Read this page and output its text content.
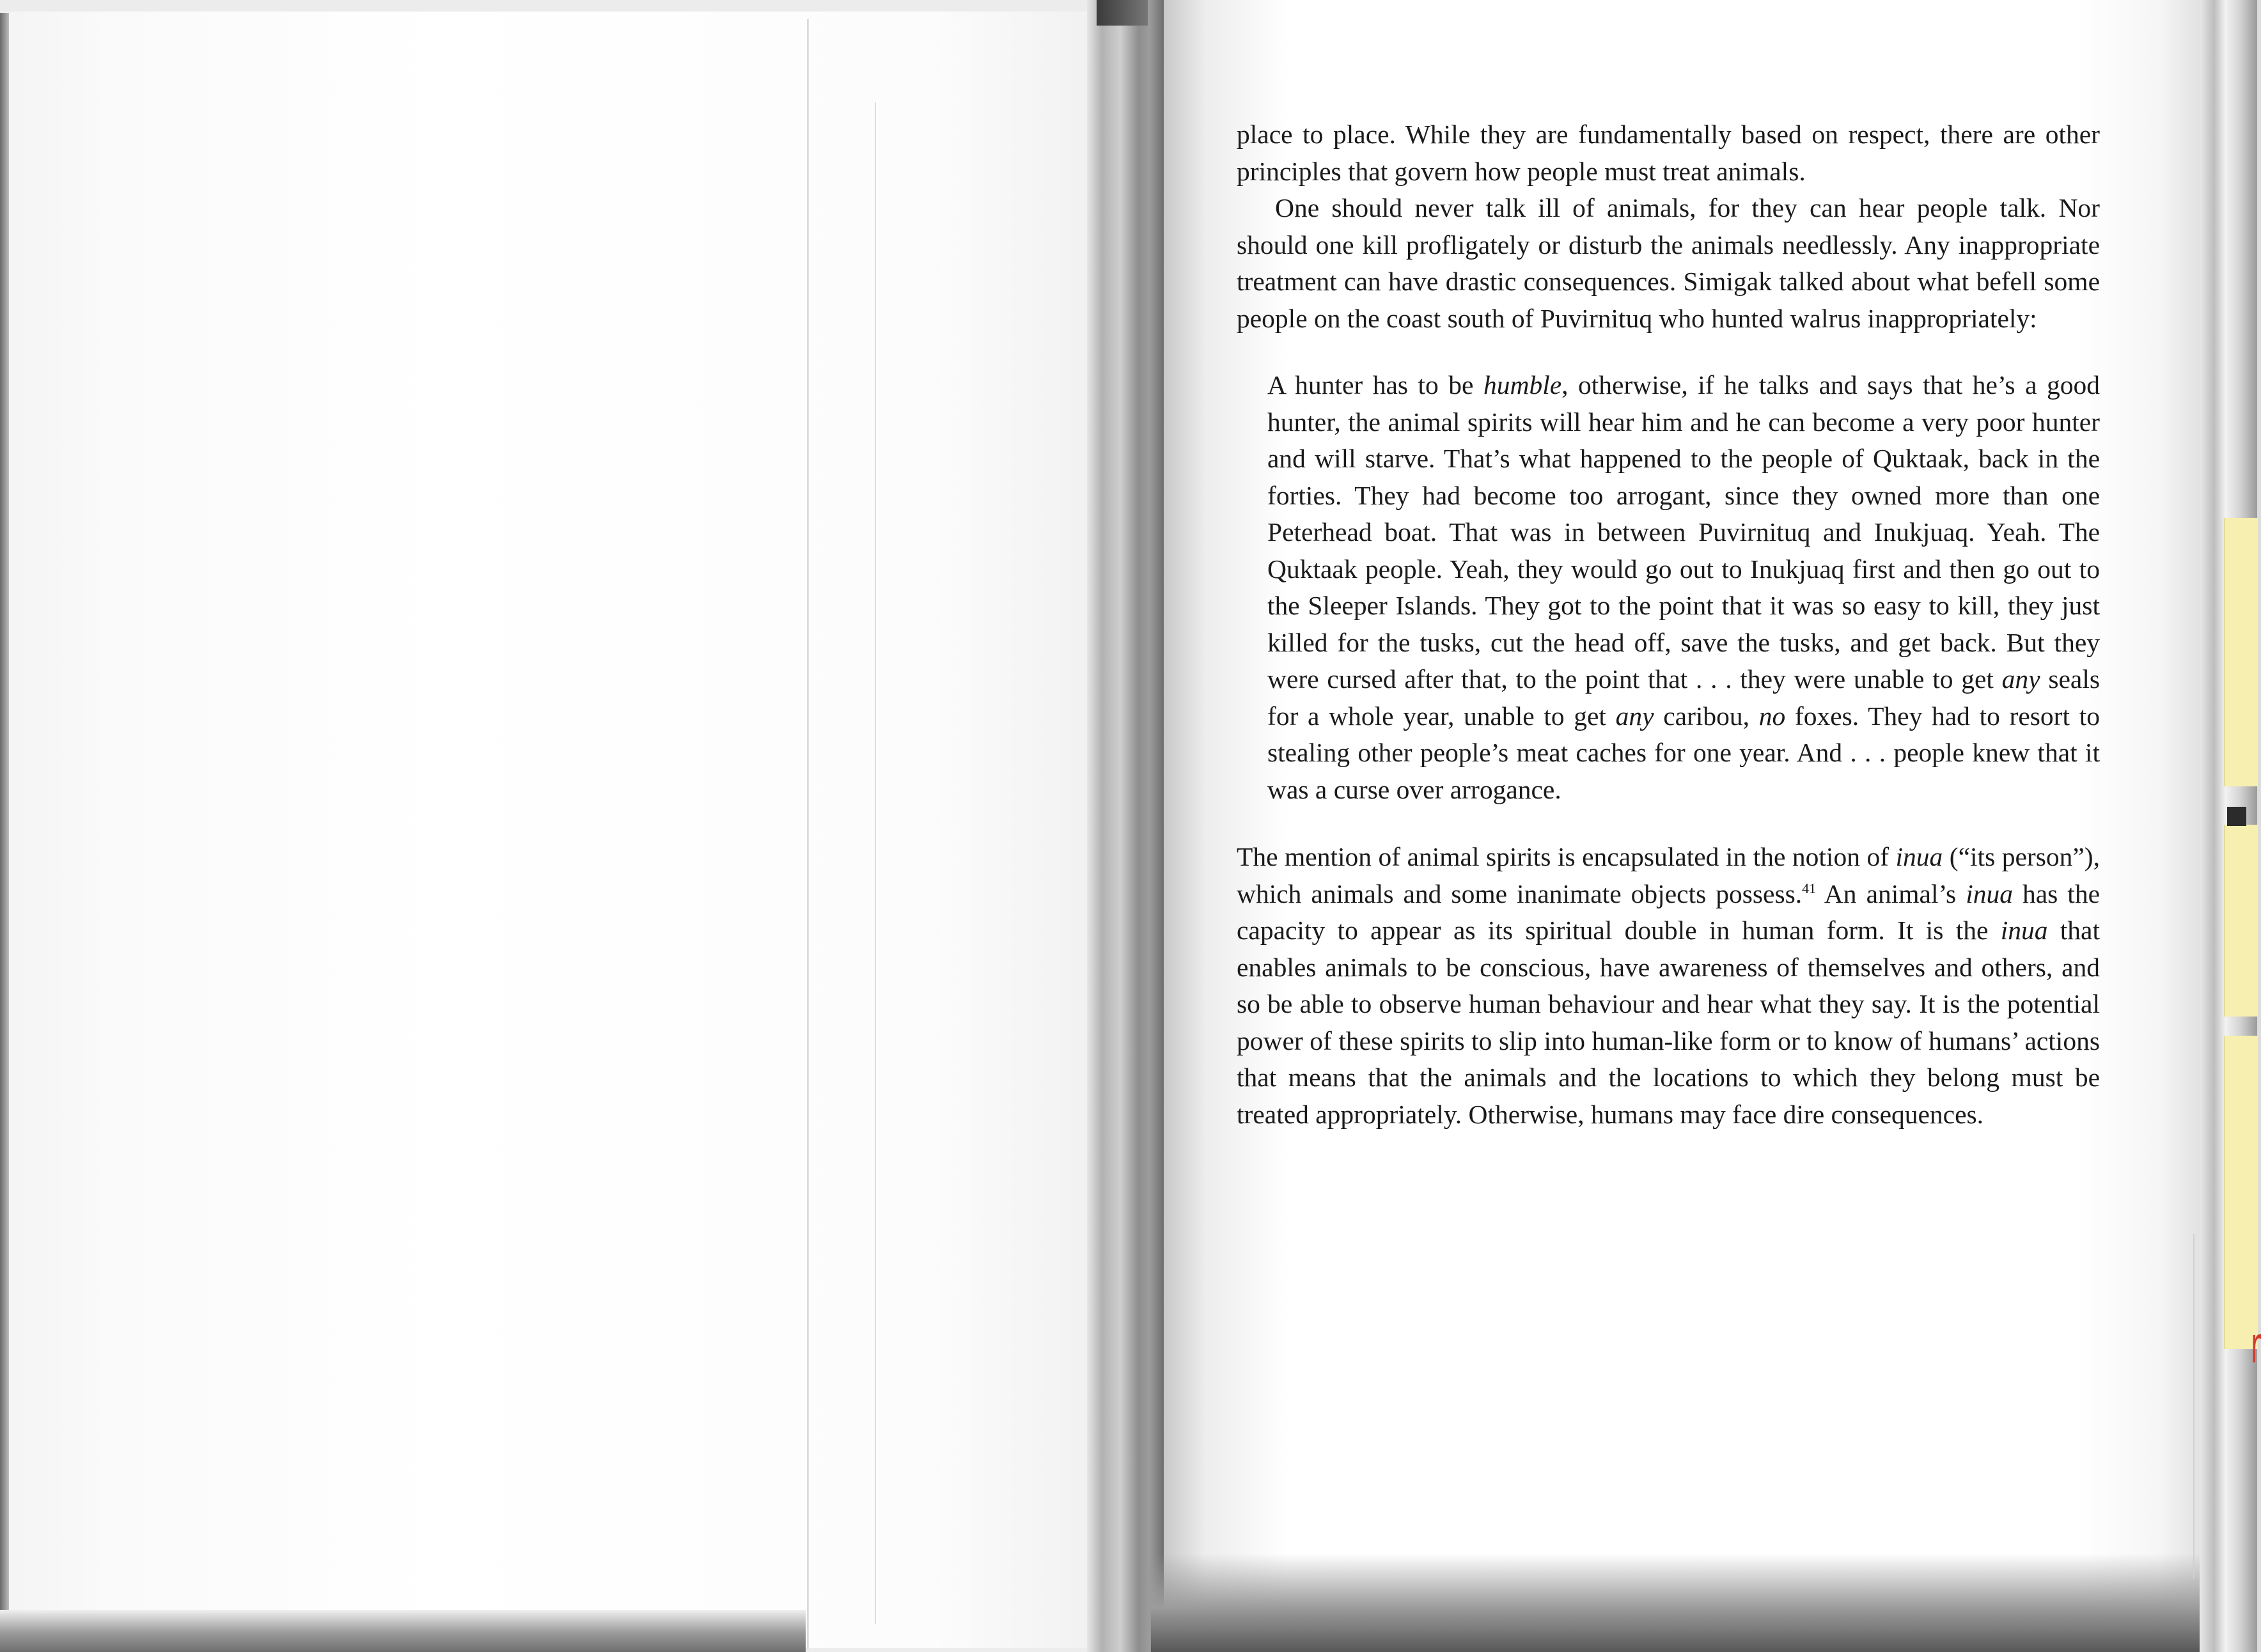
r

place to place. While they are fundamentally based on respect, there are other principles that govern how people must treat animals.

One should never talk ill of animals, for they can hear people talk. Nor should one kill profligately or disturb the animals needlessly. Any inappropriate treatment can have drastic consequences. Simigak talked about what befell some people on the coast south of Puvirnituq who hunted walrus inappropriately:

A hunter has to be humble, otherwise, if he talks and says that he’s a good hunter, the animal spirits will hear him and he can become a very poor hunter and will starve. That’s what happened to the people of Quktaak, back in the forties. They had become too arrogant, since they owned more than one Peterhead boat. That was in between Puvirnituq and Inukjuaq. Yeah. The Quktaak people. Yeah, they would go out to Inukjuaq first and then go out to the Sleeper Islands. They got to the point that it was so easy to kill, they just killed for the tusks, cut the head off, save the tusks, and get back. But they were cursed after that, to the point that . . . they were unable to get any seals for a whole year, unable to get any caribou, no foxes. They had to resort to stealing other people’s meat caches for one year. And . . . people knew that it was a curse over arrogance.

The mention of animal spirits is encapsulated in the notion of inua (“its person”), which animals and some inanimate objects possess.$^{41}$ An animal’s inua has the capacity to appear as its spiritual double in human form. It is the inua that enables animals to be conscious, have awareness of themselves and others, and so be able to observe human behaviour and hear what they say. It is the potential power of these spirits to slip into human-like form or to know of humans’ actions that means that the animals and the locations to which they belong must be treated appropriately. Otherwise, humans may face dire consequences.
